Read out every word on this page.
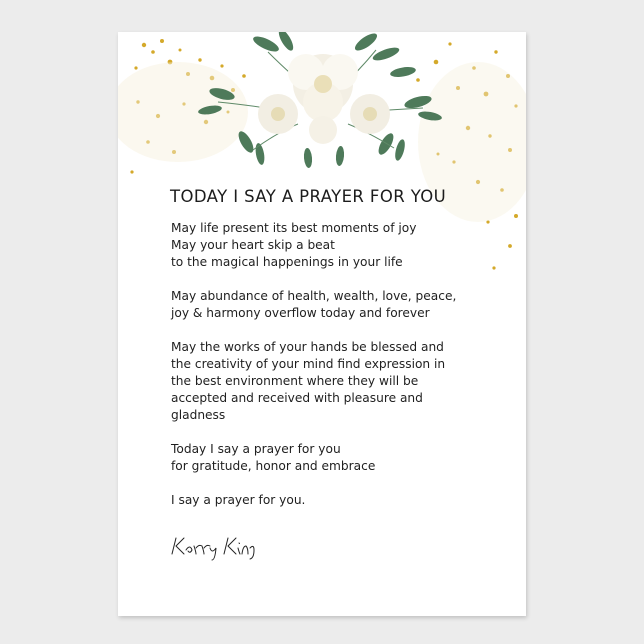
TODAY I SAY A PRAYER FOR YOU
May life present its best moments of joy
May your heart skip a beat
to the magical happenings in your life
May abundance of health, wealth, love, peace,
joy & harmony overflow today and forever
May the works of your hands be blessed and
the creativity of your mind find expression in
the best environment where they will be
accepted and received with pleasure and
gladness
Today I say a prayer for you
for gratitude, honor and embrace
I say a prayer for you.
